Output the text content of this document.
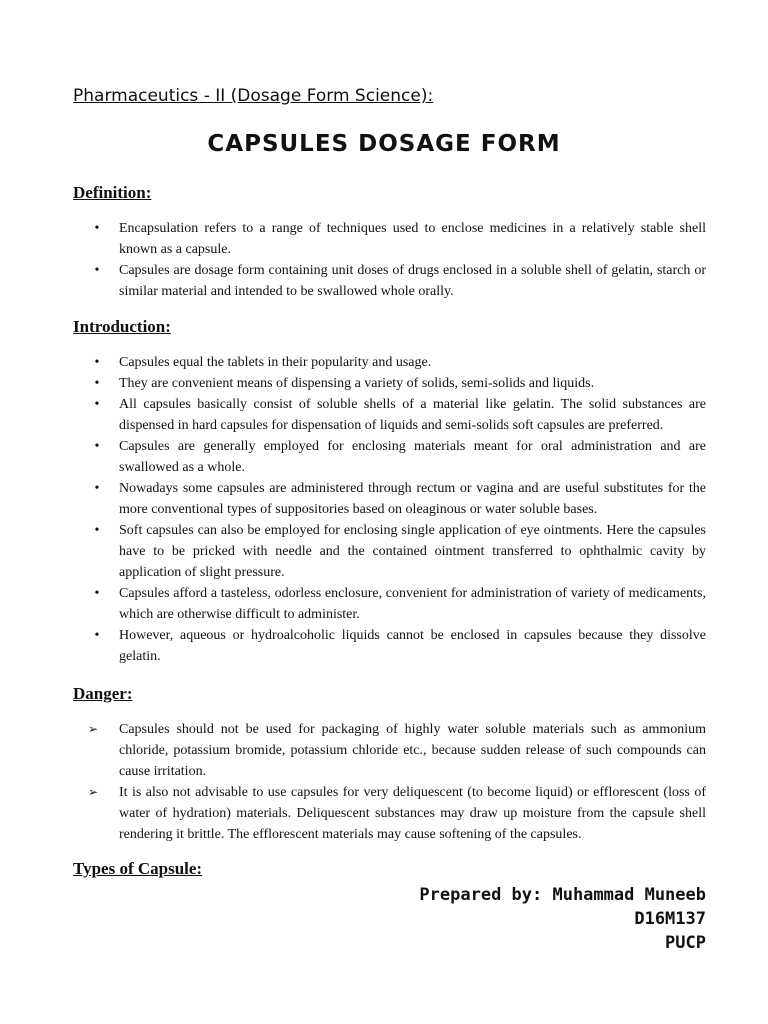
Pharmaceutics - II (Dosage Form Science):
CAPSULES DOSAGE FORM
Definition:
•	Encapsulation refers to a range of techniques used to enclose medicines in a relatively stable shell known as a capsule.
•	Capsules are dosage form containing unit doses of drugs enclosed in a soluble shell of gelatin, starch or similar material and intended to be swallowed whole orally.
Introduction:
•	Capsules equal the tablets in their popularity and usage.
•	They are convenient means of dispensing a variety of solids, semi-solids and liquids.
•	All capsules basically consist of soluble shells of a material like gelatin. The solid substances are dispensed in hard capsules for dispensation of liquids and semi-solids soft capsules are preferred.
•	Capsules are generally employed for enclosing materials meant for oral administration and are swallowed as a whole.
•	Nowadays some capsules are administered through rectum or vagina and are useful substitutes for the more conventional types of suppositories based on oleaginous or water soluble bases.
•	Soft capsules can also be employed for enclosing single application of eye ointments. Here the capsules have to be pricked with needle and the contained ointment transferred to ophthalmic cavity by application of slight pressure.
•	Capsules afford a tasteless, odorless enclosure, convenient for administration of variety of medicaments, which are otherwise difficult to administer.
•	However, aqueous or hydroalcoholic liquids cannot be enclosed in capsules because they dissolve gelatin.
Danger:
➢ Capsules should not be used for packaging of highly water soluble materials such as ammonium chloride, potassium bromide, potassium chloride etc., because sudden release of such compounds can cause irritation.
➢ It is also not advisable to use capsules for very deliquescent (to become liquid) or efflorescent (loss of water of hydration) materials. Deliquescent substances may draw up moisture from the capsule shell rendering it brittle. The efflorescent materials may cause softening of the capsules.
Types of Capsule:
Prepared by: Muhammad Muneeb
D16M137
PUCP
